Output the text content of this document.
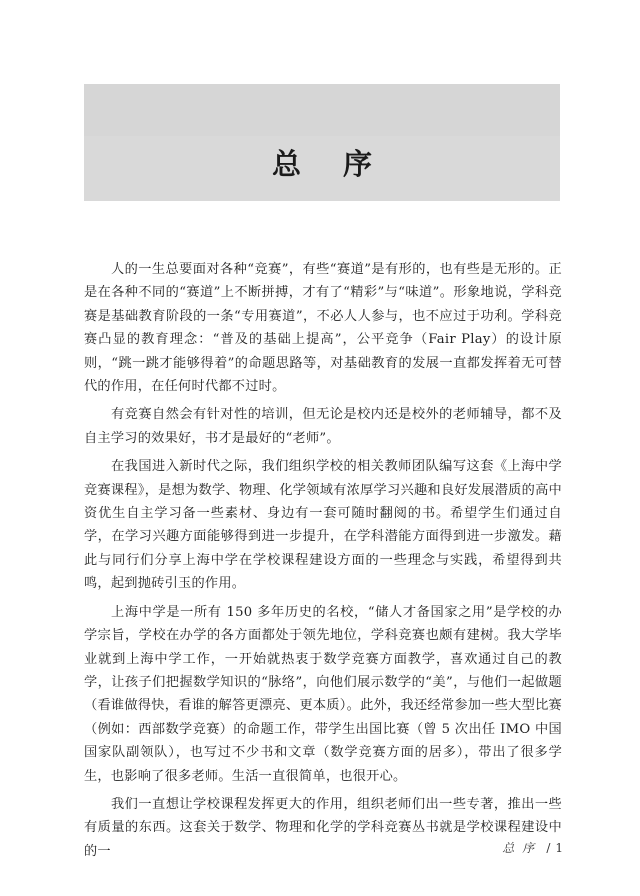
总序

人的一生总要面对各种“竞赛”，有些“赛道”是有形的，也有些是无形的。正是在各种不同的“赛道”上不断拼搏，才有了“精彩”与“味道”。形象地说，学科竞赛是基础教育阶段的一条“专用赛道”，不必人人参与，也不应过于功利。学科竞赛凸显的教育理念：“普及的基础上提高”，公平竞争（Fair Play）的设计原则，“跳一跳才能够得着”的命题思路等，对基础教育的发展一直都发挥着无可替代的作用，在任何时代都不过时。

有竞赛自然会有针对性的培训，但无论是校内还是校外的老师辅导，都不及自主学习的效果好，书才是最好的“老师”。

在我国进入新时代之际，我们组织学校的相关教师团队编写这套《上海中学竞赛课程》，是想为数学、物理、化学领域有浓厚学习兴趣和良好发展潜质的高中资优生自主学习备一些素材、身边有一套可随时翻阅的书。希望学生们通过自学，在学习兴趣方面能够得到进一步提升，在学科潜能方面得到进一步激发。藉此与同行们分享上海中学在学校课程建设方面的一些理念与实践，希望得到共鸣，起到抛砖引玉的作用。

上海中学是一所有 150 多年历史的名校，“储人才备国家之用”是学校的办学宗旨，学校在办学的各方面都处于领先地位，学科竞赛也颇有建树。我大学毕业就到上海中学工作，一开始就热衷于数学竞赛方面教学，喜欢通过自己的教学，让孩子们把握数学知识的“脉络”，向他们展示数学的“美”，与他们一起做题（看谁做得快，看谁的解答更漂亮、更本质）。此外，我还经常参加一些大型比赛（例如：西部数学竞赛）的命题工作，带学生出国比赛（曾 5 次出任 IMO 中国国家队副领队），也写过不少书和文章（数学竞赛方面的居多），带出了很多学生，也影响了很多老师。生活一直很简单，也很开心。

我们一直想让学校课程发挥更大的作用，组织老师们出一些专著，推出一些有质量的东西。这套关于数学、物理和化学的学科竞赛丛书就是学校课程建设中的一	总序 / 1
